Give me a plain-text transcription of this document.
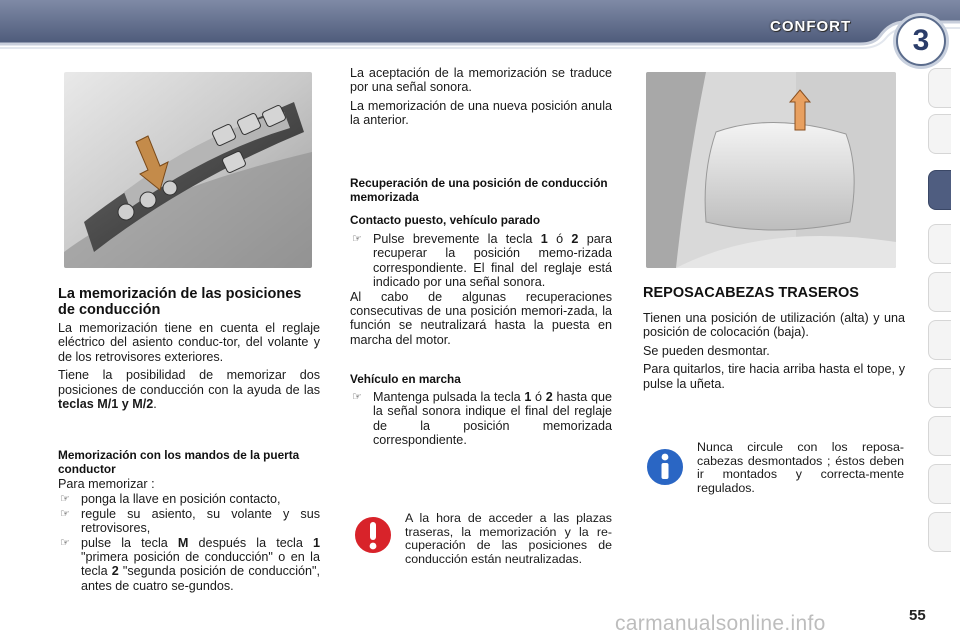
CONFORT	3
La memorización de las posiciones de conducción

La memorización tiene en cuenta el reglaje eléctrico del asiento conduc-tor, del volante y de los retrovisores exteriores.

Tiene la posibilidad de memorizar dos posiciones de conducción con la ayuda de las teclas M/1 y M/2.

Memorización con los mandos de la puerta conductor

Para memorizar :

☞ ponga la llave en posición contacto,
☞ regule su asiento, su volante y sus retrovisores,
☞ pulse la tecla M después la tecla 1 "primera posición de conducción" o en la tecla 2 "segunda posición de conducción", antes de cuatro se-gundos.

La aceptación de la memorización se traduce por una señal sonora.

La memorización de una nueva posición anula la anterior.

Recuperación de una posición de conducción memorizada
Contacto puesto, vehículo parado
☞ Pulse brevemente la tecla 1 ó 2 para recuperar la posición memo-rizada correspondiente. El final del reglaje está indicado por una señal sonora.

Al cabo de algunas recuperaciones consecutivas de una posición memori-zada, la función se neutralizará hasta la puesta en marcha del motor.

Vehículo en marcha
☞ Mantenga pulsada la tecla 1 ó 2 hasta que la señal sonora indique el final del reglaje de la posición memorizada correspondiente.
A la hora de acceder a las plazas traseras, la memorización y la re-cuperación de las posiciones de conducción están neutralizadas.
REPOSACABEZAS TRASEROS

Tienen una posición de utilización (alta) y una posición de colocación (baja).

Se pueden desmontar.

Para quitarlos, tire hacia arriba hasta el tope, y pulse la uñeta.

Nunca circule con los reposa-cabezas desmontados ; éstos deben ir montados y correcta-mente regulados.
carmanualsonline.info	55
